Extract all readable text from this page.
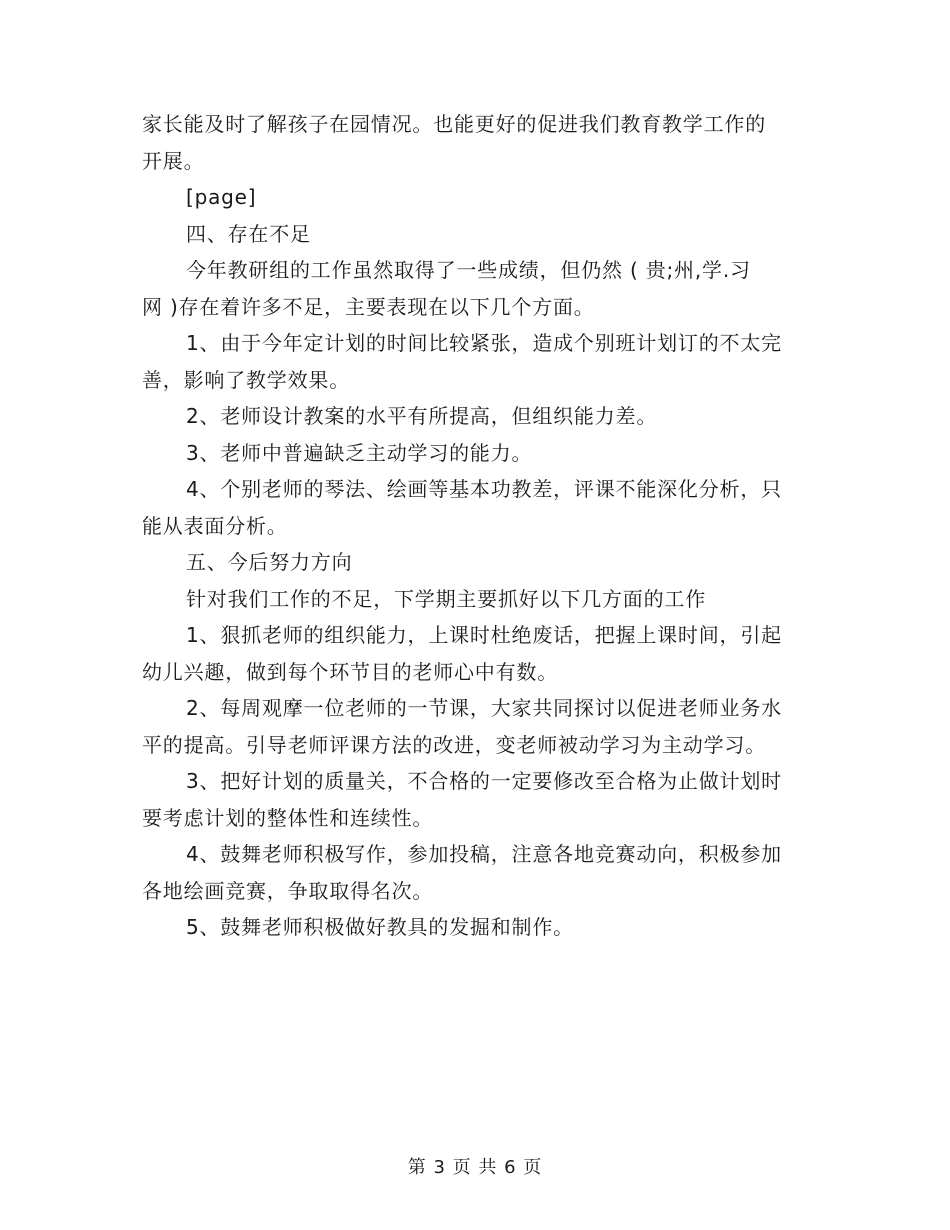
家长能及时了解孩子在园情况。也能更好的促进我们教育教学工作的
开展。
[page]
四、存在不足
今年教研组的工作虽然取得了一些成绩，但仍然 ( 贵;州,学.习
网 )存在着许多不足，主要表现在以下几个方面。
1、由于今年定计划的时间比较紧张，造成个别班计划订的不太完
善，影响了教学效果。
2、老师设计教案的水平有所提高，但组织能力差。
3、老师中普遍缺乏主动学习的能力。
4、个别老师的琴法、绘画等基本功教差，评课不能深化分析，只
能从表面分析。
五、今后努力方向
针对我们工作的不足，下学期主要抓好以下几方面的工作
1、狠抓老师的组织能力，上课时杜绝废话，把握上课时间，引起
幼儿兴趣，做到每个环节目的老师心中有数。
2、每周观摩一位老师的一节课，大家共同探讨以促进老师业务水
平的提高。引导老师评课方法的改进，变老师被动学习为主动学习。
3、把好计划的质量关，不合格的一定要修改至合格为止做计划时
要考虑计划的整体性和连续性。
4、鼓舞老师积极写作，参加投稿，注意各地竞赛动向，积极参加
各地绘画竞赛，争取取得名次。
5、鼓舞老师积极做好教具的发掘和制作。
第 3 页 共 6 页
